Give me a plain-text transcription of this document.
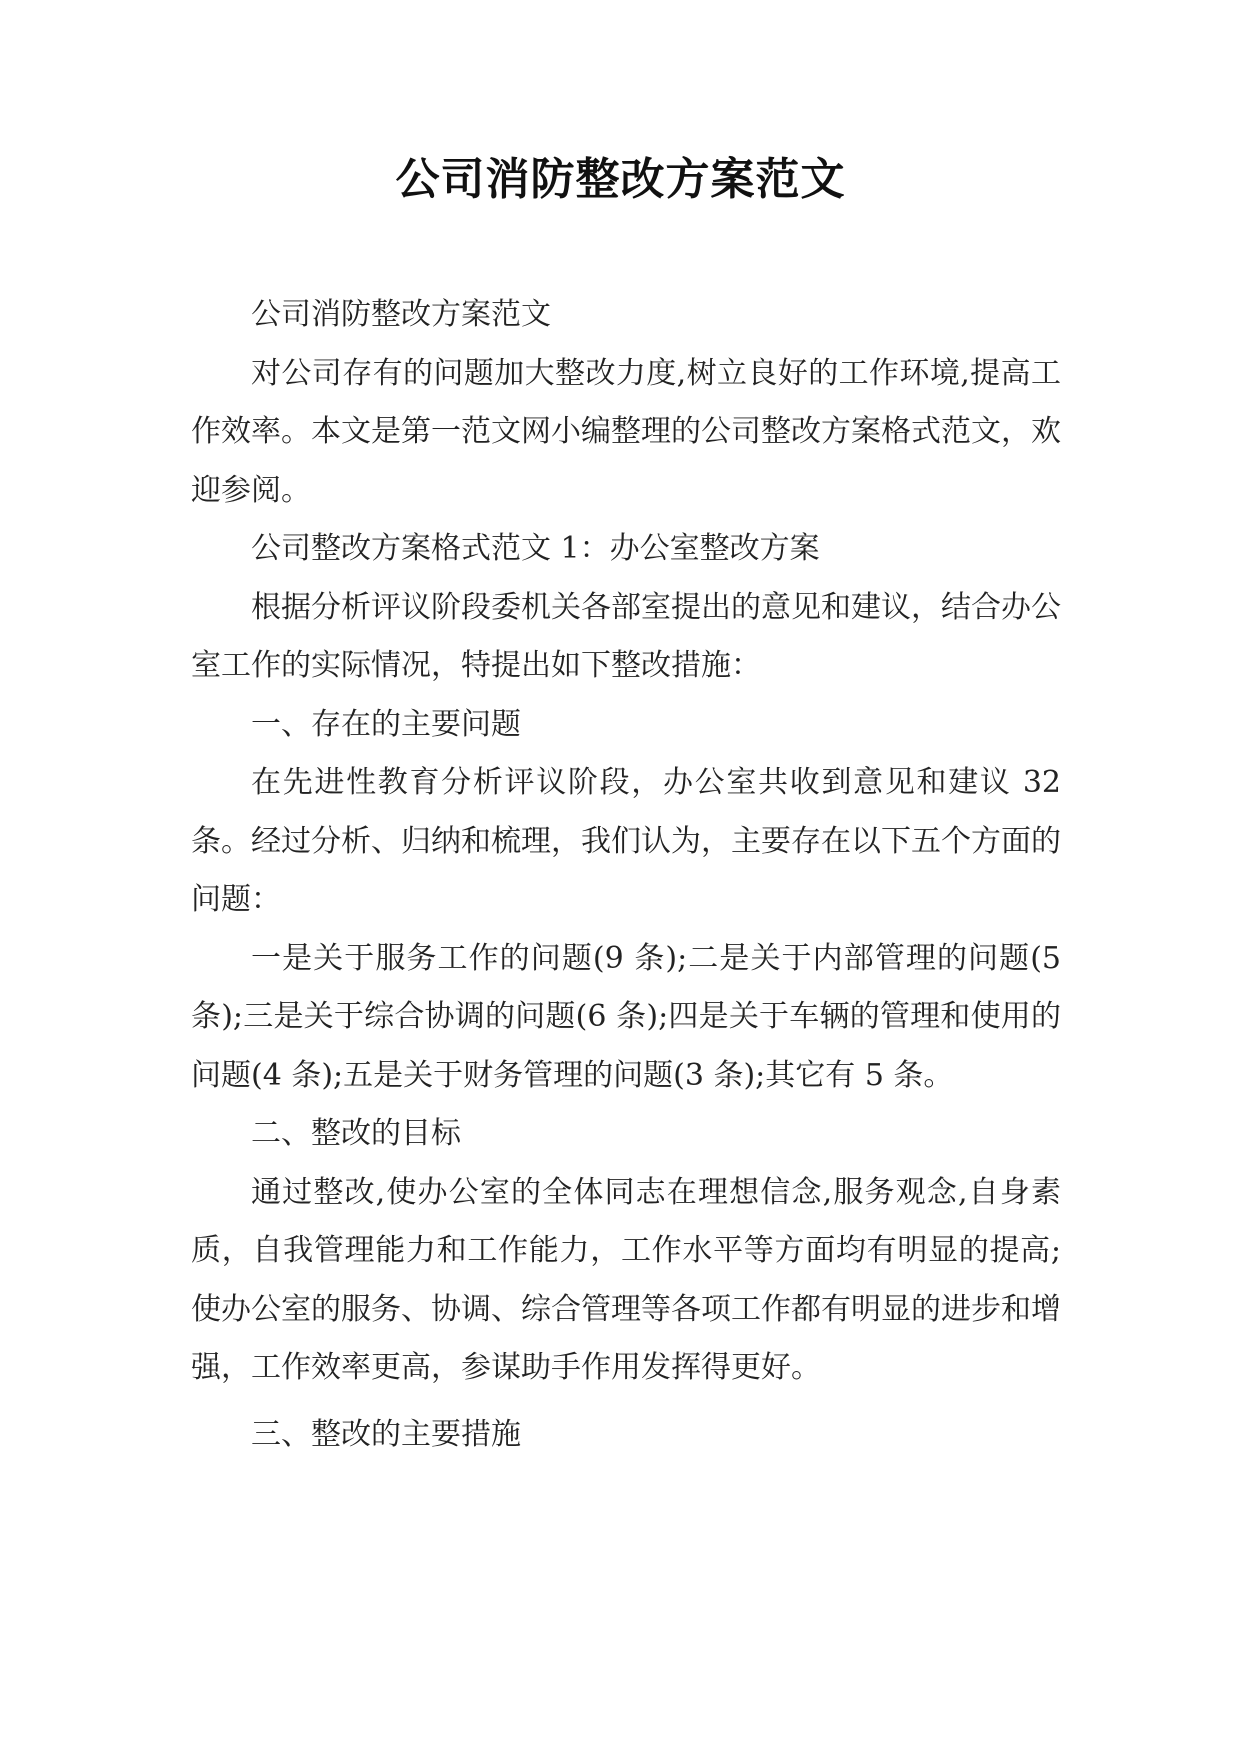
公司消防整改方案范文

公司消防整改方案范文

对公司存有的问题加大整改力度,树立良好的工作环境,提高工作效率。本文是第一范文网小编整理的公司整改方案格式范文，欢迎参阅。

公司整改方案格式范文 1：办公室整改方案

根据分析评议阶段委机关各部室提出的意见和建议，结合办公室工作的实际情况，特提出如下整改措施：

一、存在的主要问题

在先进性教育分析评议阶段，办公室共收到意见和建议 32 条。经过分析、归纳和梳理，我们认为，主要存在以下五个方面的问题：

一是关于服务工作的问题(9 条);二是关于内部管理的问题(5 条);三是关于综合协调的问题(6 条);四是关于车辆的管理和使用的问题(4 条);五是关于财务管理的问题(3 条);其它有 5 条。

二、整改的目标

通过整改,使办公室的全体同志在理想信念,服务观念,自身素质，自我管理能力和工作能力，工作水平等方面均有明显的提高;使办公室的服务、协调、综合管理等各项工作都有明显的进步和增强，工作效率更高，参谋助手作用发挥得更好。

三、整改的主要措施
